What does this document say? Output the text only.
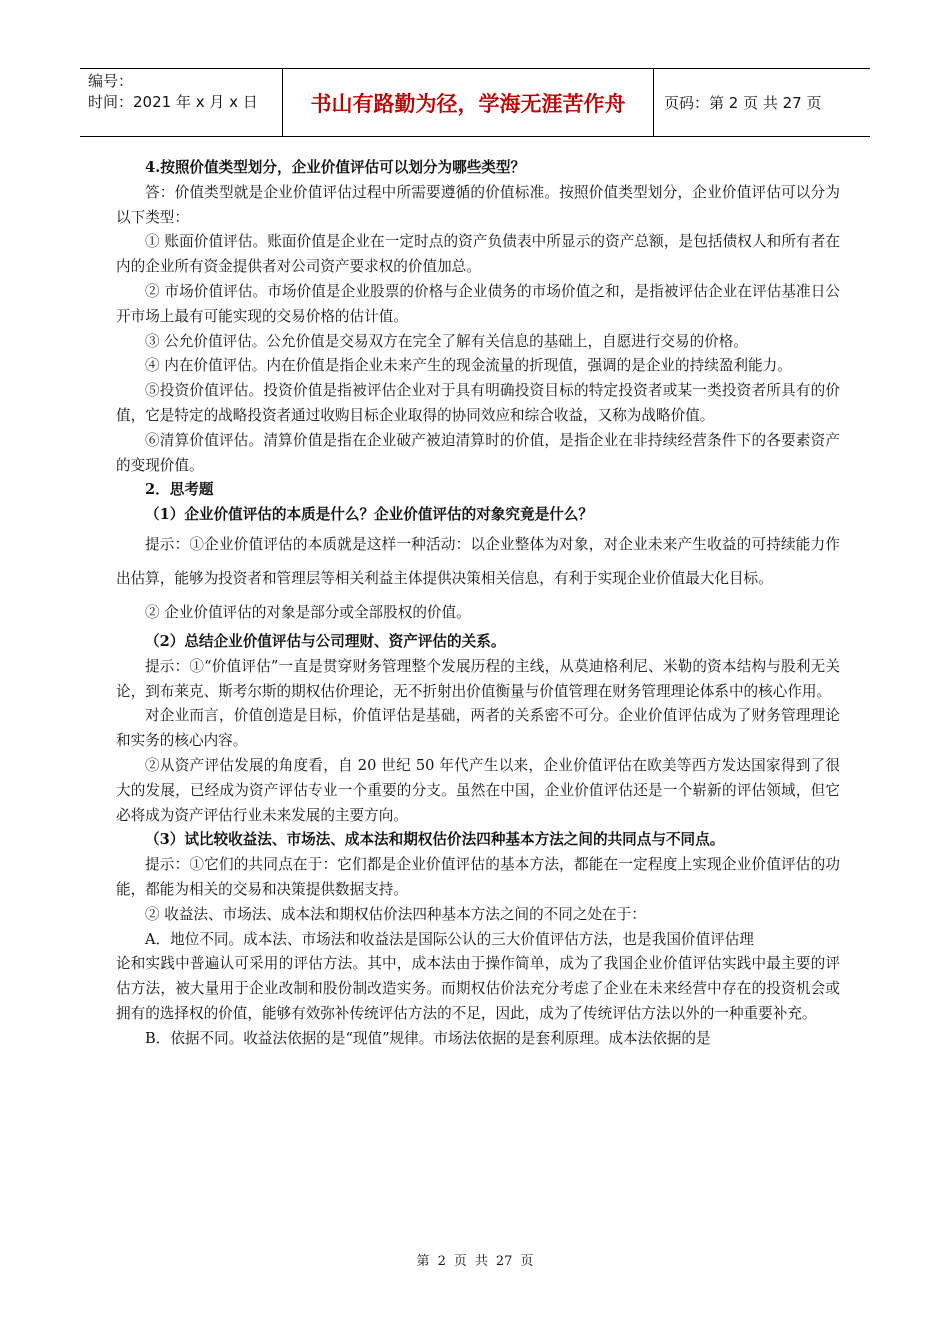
编号：
时间：2021 年 x 月 x 日	书山有路勤为径，学海无涯苦作舟	页码：第 2 页 共 27 页

4.按照价值类型划分，企业价值评估可以划分为哪些类型？

答：价值类型就是企业价值评估过程中所需要遵循的价值标准。按照价值类型划分，企业价值评估可以分为以下类型：

① 账面价值评估。账面价值是企业在一定时点的资产负债表中所显示的资产总额，是包括债权人和所有者在内的企业所有资金提供者对公司资产要求权的价值加总。

② 市场价值评估。市场价值是企业股票的价格与企业债务的市场价值之和，是指被评估企业在评估基准日公开市场上最有可能实现的交易价格的估计值。

③ 公允价值评估。公允价值是交易双方在完全了解有关信息的基础上，自愿进行交易的价格。

④ 内在价值评估。内在价值是指企业未来产生的现金流量的折现值，强调的是企业的持续盈利能力。

⑤投资价值评估。投资价值是指被评估企业对于具有明确投资目标的特定投资者或某一类投资者所具有的价值，它是特定的战略投资者通过收购目标企业取得的协同效应和综合收益，又称为战略价值。

⑥清算价值评估。清算价值是指在企业破产被迫清算时的价值，是指企业在非持续经营条件下的各要素资产的变现价值。

2．思考题

（1）企业价值评估的本质是什么？企业价值评估的对象究竟是什么？

提示：①企业价值评估的本质就是这样一种活动：以企业整体为对象，对企业未来产生收益的可持续能力作出估算，能够为投资者和管理层等相关利益主体提供决策相关信息，有利于实现企业价值最大化目标。

② 企业价值评估的对象是部分或全部股权的价值。

（2）总结企业价值评估与公司理财、资产评估的关系。

提示：①“价值评估”一直是贯穿财务管理整个发展历程的主线，从莫迪格利尼、米勒的资本结构与股利无关论，到布莱克、斯考尔斯的期权估价理论，无不折射出价值衡量与价值管理在财务管理理论体系中的核心作用。

对企业而言，价值创造是目标，价值评估是基础，两者的关系密不可分。企业价值评估成为了财务管理理论和实务的核心内容。

②从资产评估发展的角度看，自 20 世纪 50 年代产生以来，企业价值评估在欧美等西方发达国家得到了很大的发展，已经成为资产评估专业一个重要的分支。虽然在中国，企业价值评估还是一个崭新的评估领域，但它必将成为资产评估行业未来发展的主要方向。

（3）试比较收益法、市场法、成本法和期权估价法四种基本方法之间的共同点与不同点。

提示：①它们的共同点在于：它们都是企业价值评估的基本方法，都能在一定程度上实现企业价值评估的功能，都能为相关的交易和决策提供数据支持。

② 收益法、市场法、成本法和期权估价法四种基本方法之间的不同之处在于：

A．地位不同。成本法、市场法和收益法是国际公认的三大价值评估方法，也是我国价值评估理

论和实践中普遍认可采用的评估方法。其中，成本法由于操作简单，成为了我国企业价值评估实践中最主要的评估方法，被大量用于企业改制和股份制改造实务。而期权估价法充分考虑了企业在未来经营中存在的投资机会或拥有的选择权的价值，能够有效弥补传统评估方法的不足，因此，成为了传统评估方法以外的一种重要补充。

B．依据不同。收益法依据的是“现值”规律。市场法依据的是套利原理。成本法依据的是

第 2 页 共 27 页
